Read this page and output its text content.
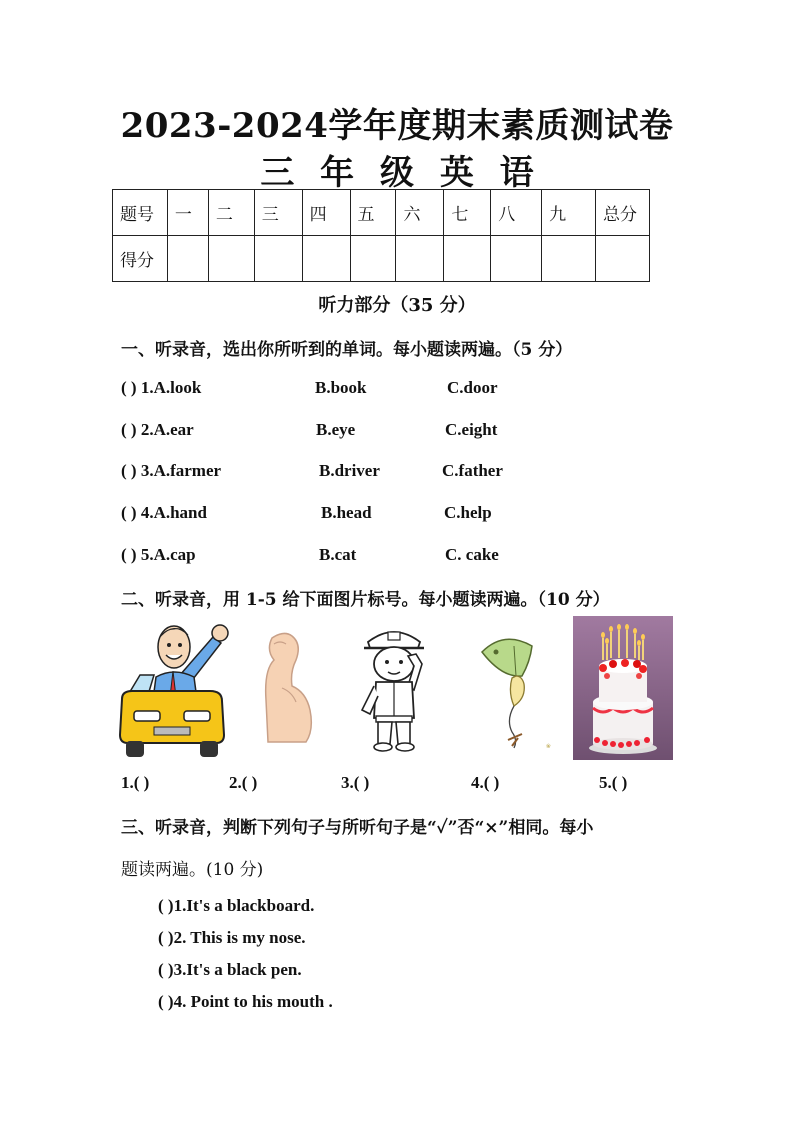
2023-2024学年度期末素质测试卷
三 年 级 英 语
题号	一	二	三	四	五	六	七	八	九	总分
得分										
听力部分（35 分）
一、听录音，选出你所听到的单词。每小题读两遍。（5 分）
( ) 1.A.look	B.book	C.door
( ) 2.A.ear	B.eye	C.eight
( ) 3.A.farmer	B.driver	C.father
( ) 4.A.hand	B.head	C.help
( ) 5.A.cap	B.cat	C. cake
二、听录音，用 1-5 给下面图片标号。每小题读两遍。（10 分）
❀
1.( )	2.( )	3.( )	4.( )	5.( )
三、听录音，判断下列句子与所听句子是“✓”否“×”相同。每小
题读两遍。(10 分)
( )1.It's a blackboard.
( )2. This is my nose.
( )3.It's a black pen.
( )4. Point to his mouth .
